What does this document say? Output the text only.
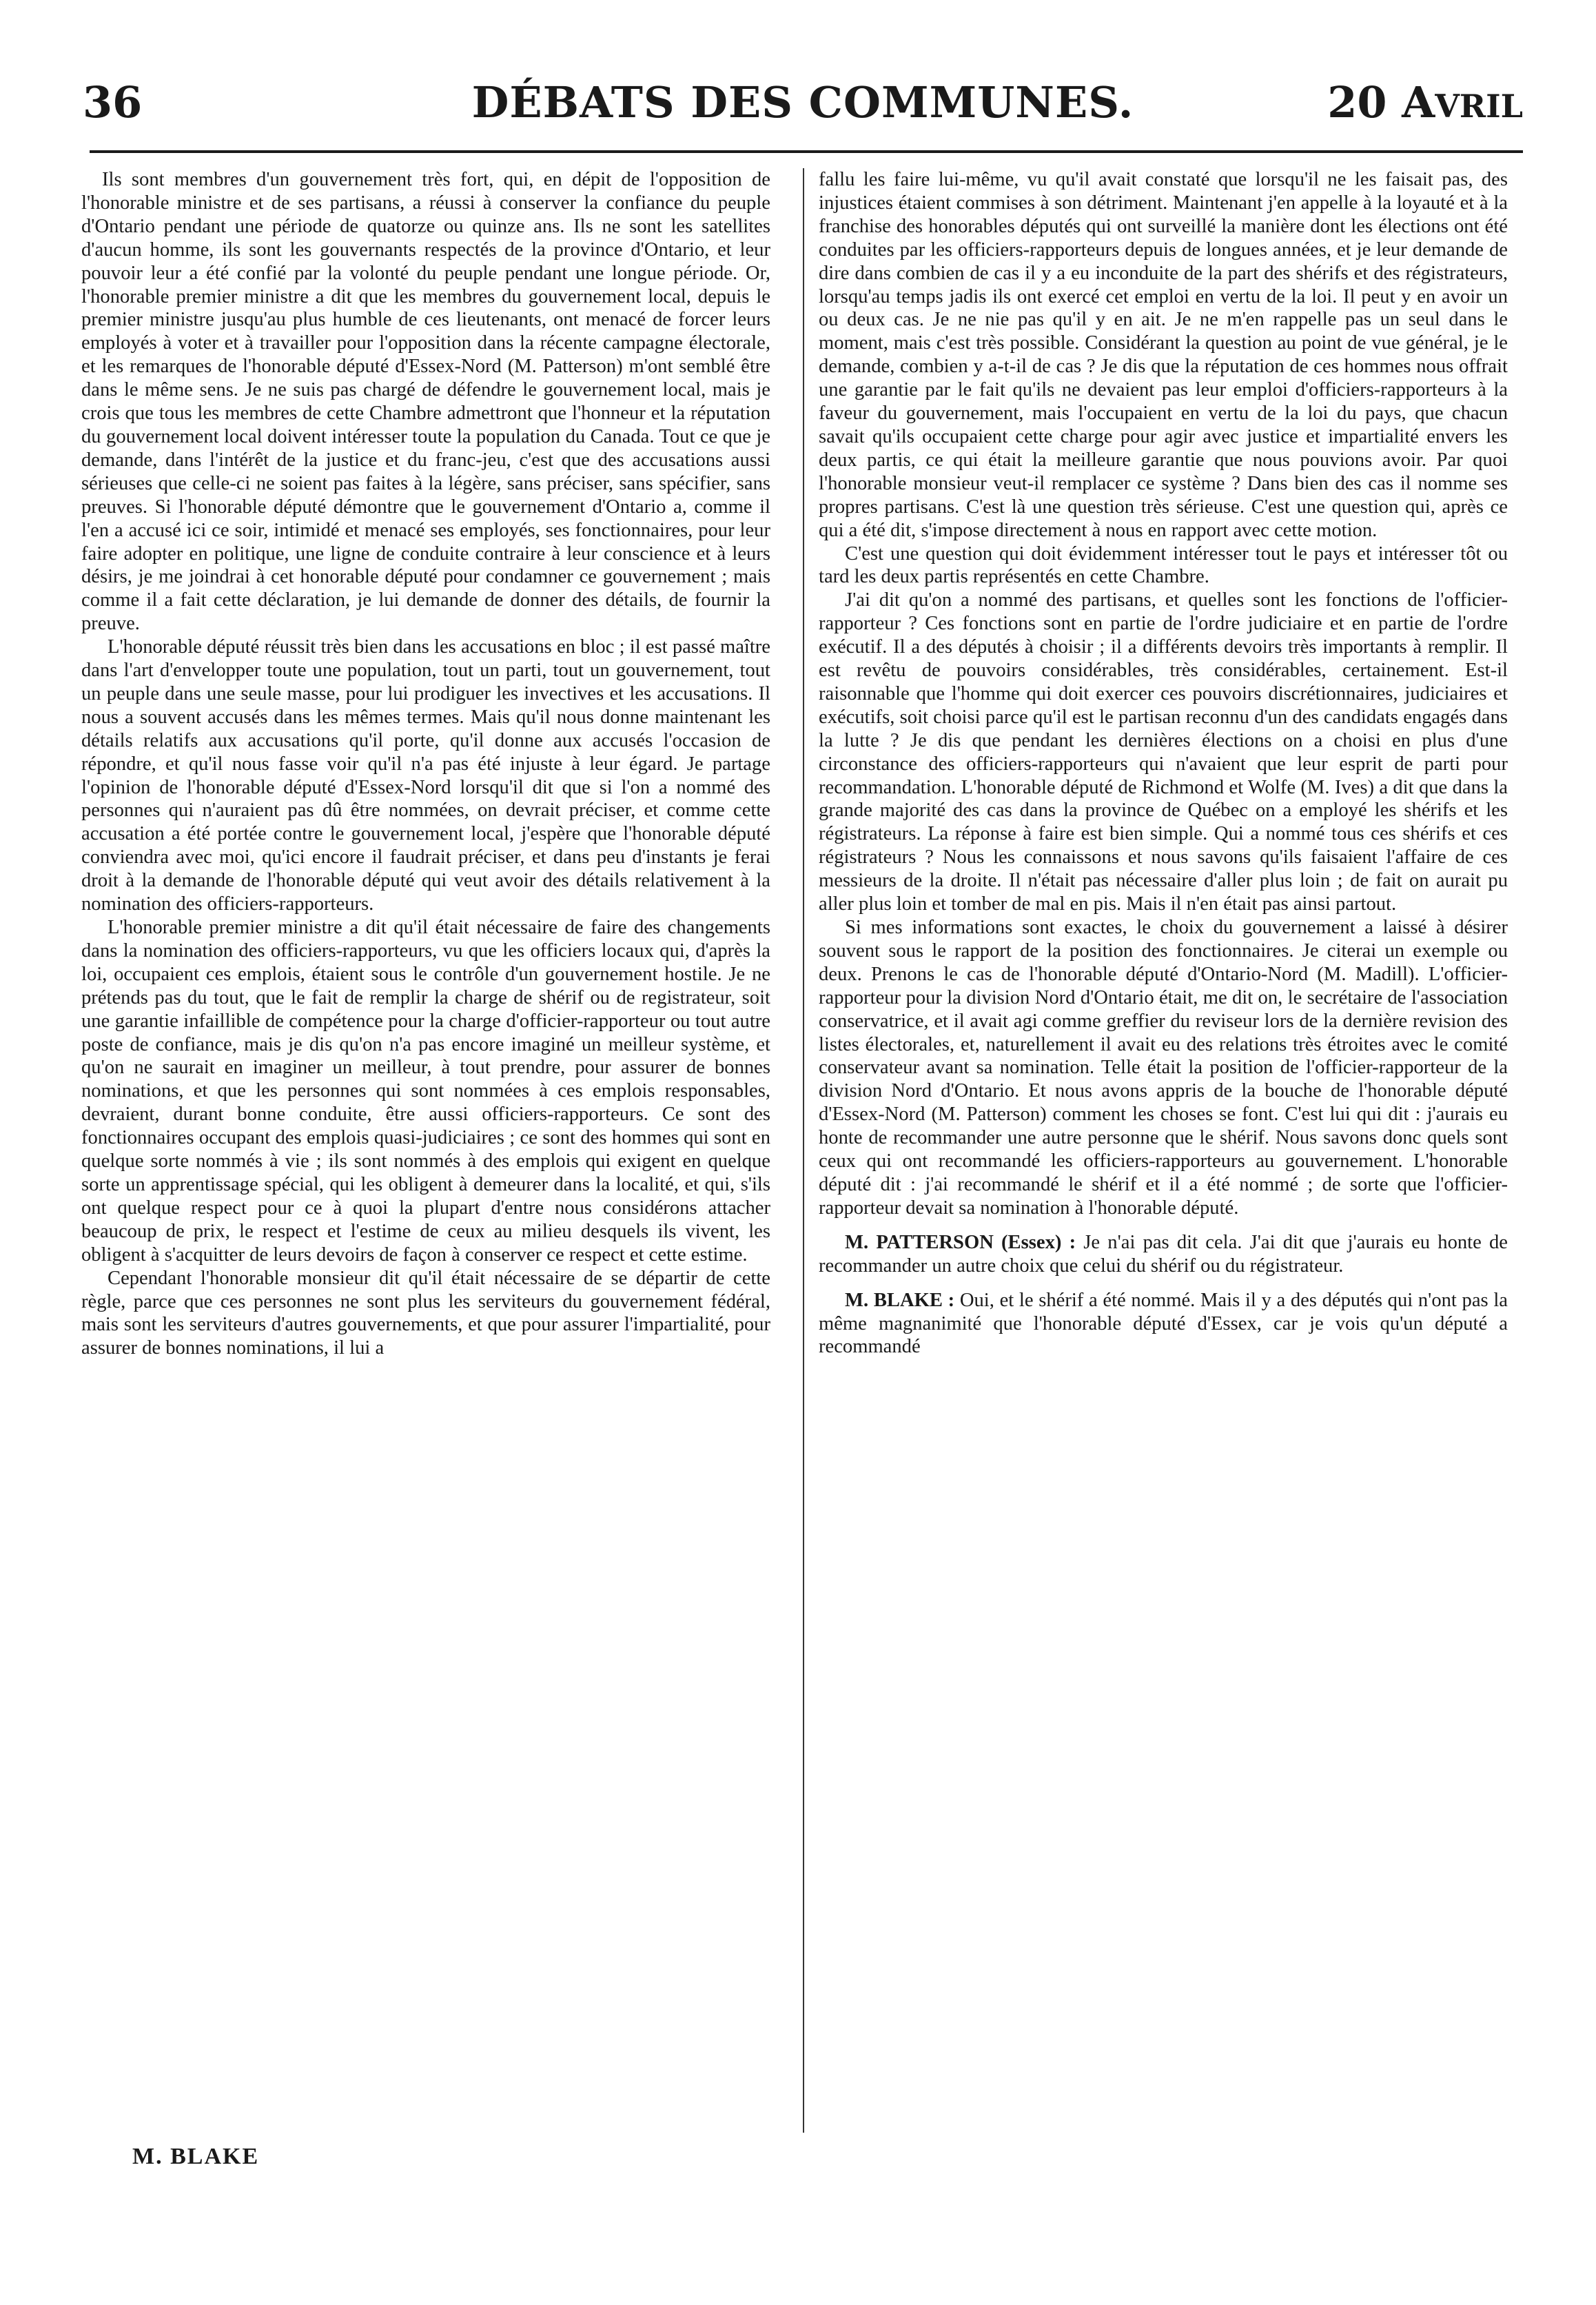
DÉBATS DES COMMUNES.
36	20 AVRIL

Ils sont membres d'un gouvernement très fort, qui, en dépit de l'opposition de l'honorable ministre et de ses partisans, a réussi à conserver la confiance du peuple d'Ontario pendant une période de quatorze ou quinze ans. Ils ne sont les satellites d'aucun homme, ils sont les gouvernants respectés de la province d'Ontario, et leur pouvoir leur a été confié par la volonté du peuple pendant une longue période. Or, l'honorable premier ministre a dit que les membres du gouvernement local, depuis le premier ministre jusqu'au plus humble de ces lieutenants, ont menacé de forcer leurs employés à voter et à travailler pour l'opposition dans la récente campagne électorale, et les remarques de l'honorable député d'Essex-Nord (M. Patterson) m'ont semblé être dans le même sens. Je ne suis pas chargé de défendre le gouvernement local, mais je crois que tous les membres de cette Chambre admettront que l'honneur et la réputation du gouvernement local doivent intéresser toute la population du Canada. Tout ce que je demande, dans l'intérêt de la justice et du franc-jeu, c'est que des accusations aussi sérieuses que celle-ci ne soient pas faites à la légère, sans préciser, sans spécifier, sans preuves. Si l'honorable député démontre que le gouvernement d'Ontario a, comme il l'en a accusé ici ce soir, intimidé et menacé ses employés, ses fonctionnaires, pour leur faire adopter en politique, une ligne de conduite contraire à leur conscience et à leurs désirs, je me joindrai à cet honorable député pour condamner ce gouvernement ; mais comme il a fait cette déclaration, je lui demande de donner des détails, de fournir la preuve.

L'honorable député réussit très bien dans les accusations en bloc ; il est passé maître dans l'art d'envelopper toute une population, tout un parti, tout un gouvernement, tout un peuple dans une seule masse, pour lui prodiguer les invectives et les accusations. Il nous a souvent accusés dans les mêmes termes. Mais qu'il nous donne maintenant les détails relatifs aux accusations qu'il porte, qu'il donne aux accusés l'occasion de répondre, et qu'il nous fasse voir qu'il n'a pas été injuste à leur égard. Je partage l'opinion de l'honorable député d'Essex-Nord lorsqu'il dit que si l'on a nommé des personnes qui n'auraient pas dû être nommées, on devrait préciser, et comme cette accusation a été portée contre le gouvernement local, j'espère que l'honorable député conviendra avec moi, qu'ici encore il faudrait préciser, et dans peu d'instants je ferai droit à la demande de l'honorable député qui veut avoir des détails relativement à la nomination des officiers-rapporteurs.

L'honorable premier ministre a dit qu'il était nécessaire de faire des changements dans la nomination des officiers-rapporteurs, vu que les officiers locaux qui, d'après la loi, occupaient ces emplois, étaient sous le contrôle d'un gouvernement hostile. Je ne prétends pas du tout, que le fait de remplir la charge de shérif ou de registrateur, soit une garantie infaillible de compétence pour la charge d'officier-rapporteur ou tout autre poste de confiance, mais je dis qu'on n'a pas encore imaginé un meilleur système, et qu'on ne saurait en imaginer un meilleur, à tout prendre, pour assurer de bonnes nominations, et que les personnes qui sont nommées à ces emplois responsables, devraient, durant bonne conduite, être aussi officiers-rapporteurs. Ce sont des fonctionnaires occupant des emplois quasi-judiciaires ; ce sont des hommes qui sont en quelque sorte nommés à vie ; ils sont nommés à des emplois qui exigent en quelque sorte un apprentissage spécial, qui les obligent à demeurer dans la localité, et qui, s'ils ont quelque respect pour ce à quoi la plupart d'entre nous considérons attacher beaucoup de prix, le respect et l'estime de ceux au milieu desquels ils vivent, les obligent à s'acquitter de leurs devoirs de façon à conserver ce respect et cette estime.

Cependant l'honorable monsieur dit qu'il était nécessaire de se départir de cette règle, parce que ces personnes ne sont plus les serviteurs du gouvernement fédéral, mais sont les serviteurs d'autres gouvernements, et que pour assurer l'impartialité, pour assurer de bonnes nominations, il lui a

fallu les faire lui-même, vu qu'il avait constaté que lorsqu'il ne les faisait pas, des injustices étaient commises à son détriment. Maintenant j'en appelle à la loyauté et à la franchise des honorables députés qui ont surveillé la manière dont les élections ont été conduites par les officiers-rapporteurs depuis de longues années, et je leur demande de dire dans combien de cas il y a eu inconduite de la part des shérifs et des régistrateurs, lorsqu'au temps jadis ils ont exercé cet emploi en vertu de la loi. Il peut y en avoir un ou deux cas. Je ne nie pas qu'il y en ait. Je ne m'en rappelle pas un seul dans le moment, mais c'est très possible. Considérant la question au point de vue général, je le demande, combien y a-t-il de cas ? Je dis que la réputation de ces hommes nous offrait une garantie par le fait qu'ils ne devaient pas leur emploi d'officiers-rapporteurs à la faveur du gouvernement, mais l'occupaient en vertu de la loi du pays, que chacun savait qu'ils occupaient cette charge pour agir avec justice et impartialité envers les deux partis, ce qui était la meilleure garantie que nous pouvions avoir. Par quoi l'honorable monsieur veut-il remplacer ce système ? Dans bien des cas il nomme ses propres partisans. C'est là une question très sérieuse. C'est une question qui, après ce qui a été dit, s'impose directement à nous en rapport avec cette motion.

C'est une question qui doit évidemment intéresser tout le pays et intéresser tôt ou tard les deux partis représentés en cette Chambre.

J'ai dit qu'on a nommé des partisans, et quelles sont les fonctions de l'officier-rapporteur ? Ces fonctions sont en partie de l'ordre judiciaire et en partie de l'ordre exécutif. Il a des députés à choisir ; il a différents devoirs très importants à remplir. Il est revêtu de pouvoirs considérables, très considérables, certainement. Est-il raisonnable que l'homme qui doit exercer ces pouvoirs discrétionnaires, judiciaires et exécutifs, soit choisi parce qu'il est le partisan reconnu d'un des candidats engagés dans la lutte ? Je dis que pendant les dernières élections on a choisi en plus d'une circonstance des officiers-rapporteurs qui n'avaient que leur esprit de parti pour recommandation. L'honorable député de Richmond et Wolfe (M. Ives) a dit que dans la grande majorité des cas dans la province de Québec on a employé les shérifs et les régistrateurs. La réponse à faire est bien simple. Qui a nommé tous ces shérifs et ces régistrateurs ? Nous les connaissons et nous savons qu'ils faisaient l'affaire de ces messieurs de la droite. Il n'était pas nécessaire d'aller plus loin ; de fait on aurait pu aller plus loin et tomber de mal en pis. Mais il n'en était pas ainsi partout.

Si mes informations sont exactes, le choix du gouvernement a laissé à désirer souvent sous le rapport de la position des fonctionnaires. Je citerai un exemple ou deux. Prenons le cas de l'honorable député d'Ontario-Nord (M. Madill). L'officier-rapporteur pour la division Nord d'Ontario était, me dit on, le secrétaire de l'association conservatrice, et il avait agi comme greffier du reviseur lors de la dernière revision des listes électorales, et, naturellement il avait eu des relations très étroites avec le comité conservateur avant sa nomination. Telle était la position de l'officier-rapporteur de la division Nord d'Ontario. Et nous avons appris de la bouche de l'honorable député d'Essex-Nord (M. Patterson) comment les choses se font. C'est lui qui dit : j'aurais eu honte de recommander une autre personne que le shérif. Nous savons donc quels sont ceux qui ont recommandé les officiers-rapporteurs au gouvernement. L'honorable député dit : j'ai recommandé le shérif et il a été nommé ; de sorte que l'officier-rapporteur devait sa nomination à l'honorable député.

M. PATTERSON (Essex) : Je n'ai pas dit cela. J'ai dit que j'aurais eu honte de recommander un autre choix que celui du shérif ou du régistrateur.

M. BLAKE : Oui, et le shérif a été nommé. Mais il y a des députés qui n'ont pas la même magnanimité que l'honorable député d'Essex, car je vois qu'un député a recommandé

M. BLAKE
